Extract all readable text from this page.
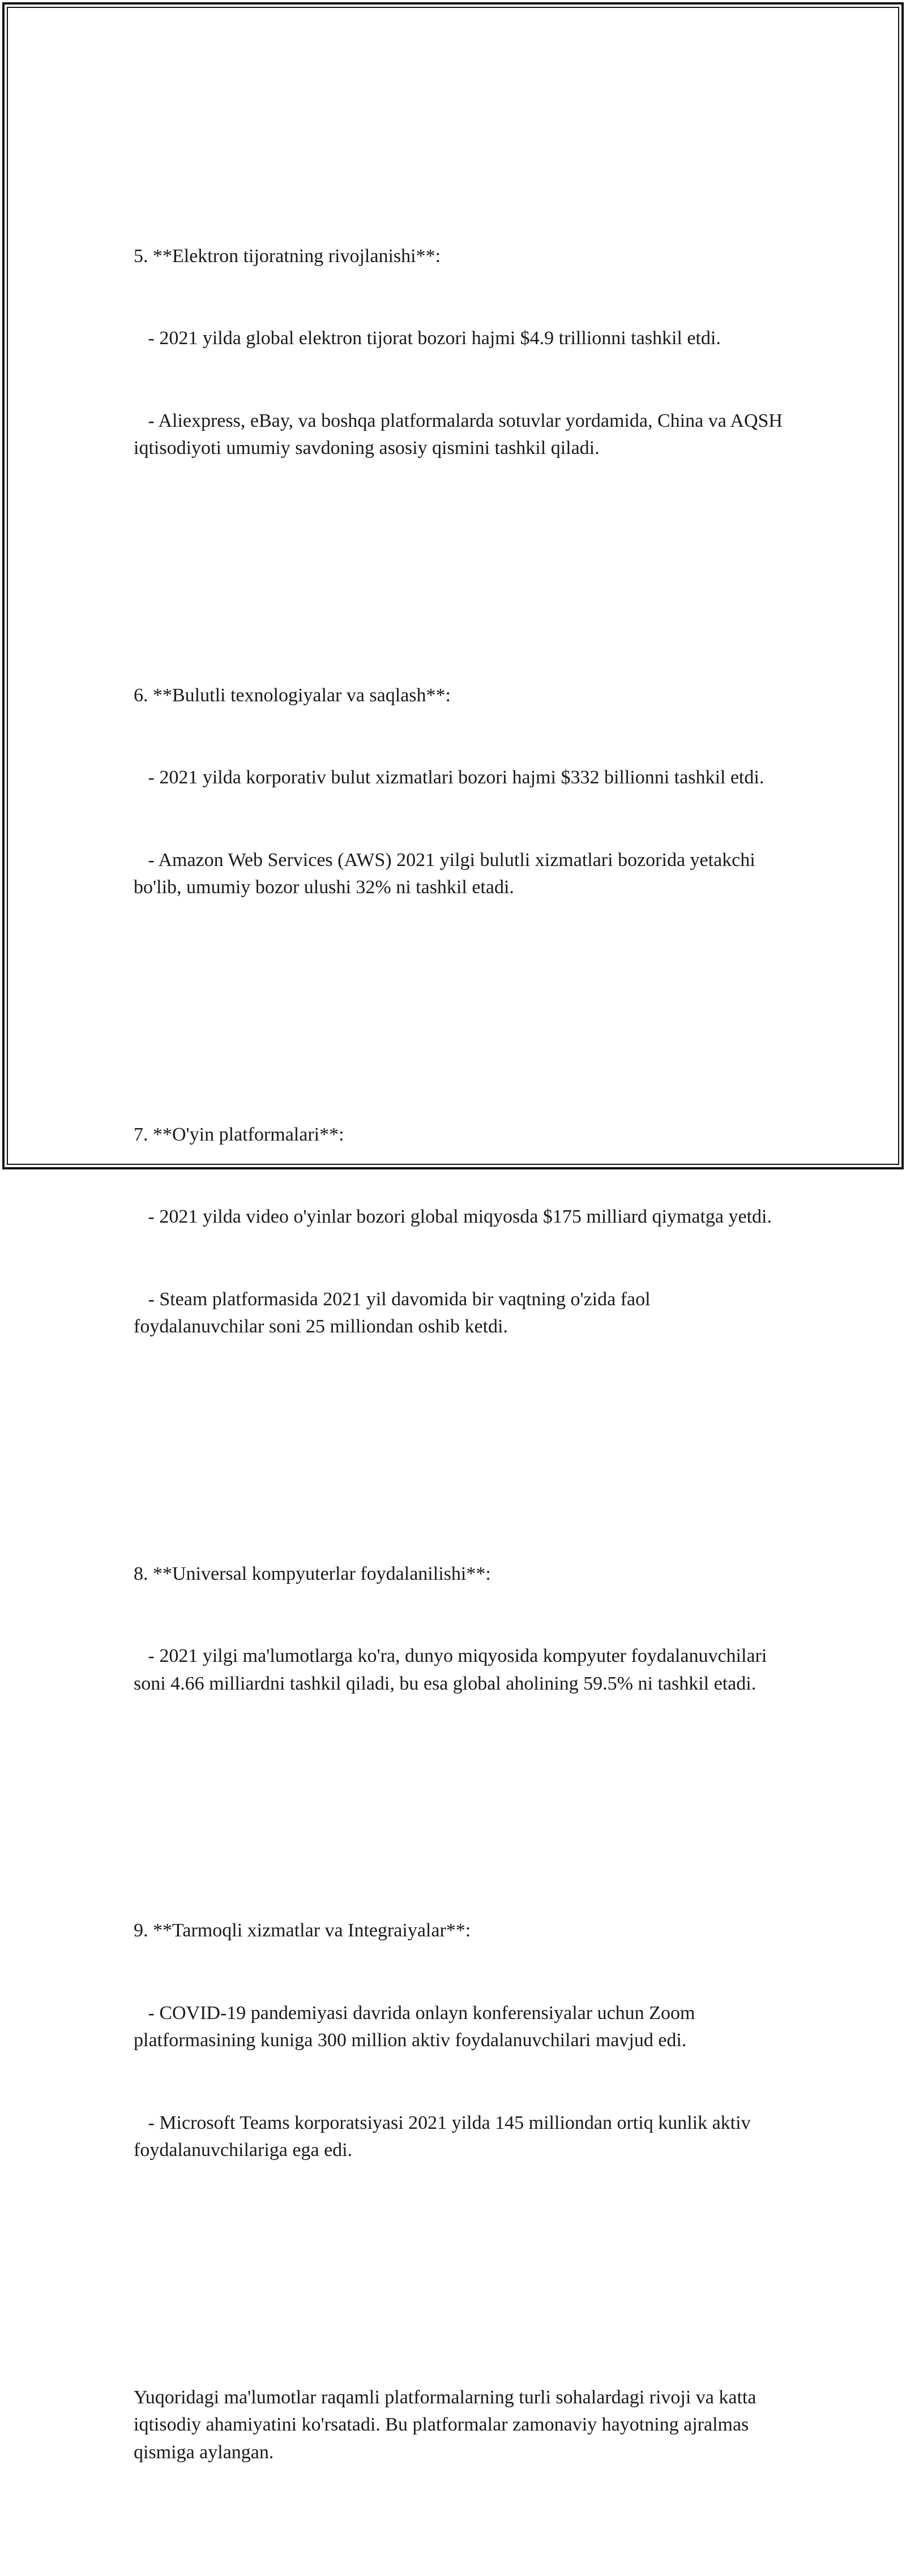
5. **Elektron tijoratning rivojlanishi**:

- 2021 yilda global elektron tijorat bozori hajmi $4.9 trillionni tashkil etdi.

- Aliexpress, eBay, va boshqa platformalarda sotuvlar yordamida, China va AQSH iqtisodiyoti umumiy savdoning asosiy qismini tashkil qiladi.

6. **Bulutli texnologiyalar va saqlash**:

- 2021 yilda korporativ bulut xizmatlari bozori hajmi $332 billionni tashkil etdi.

- Amazon Web Services (AWS) 2021 yilgi bulutli xizmatlari bozorida yetakchi bo'lib, umumiy bozor ulushi 32% ni tashkil etadi.

7. **O'yin platformalari**:

- 2021 yilda video o'yinlar bozori global miqyosda $175 milliard qiymatga yetdi.

- Steam platformasida 2021 yil davomida bir vaqtning o'zida faol foydalanuvchilar soni 25 milliondan oshib ketdi.

8. **Universal kompyuterlar foydalanilishi**:

- 2021 yilgi ma'lumotlarga ko'ra, dunyo miqyosida kompyuter foydalanuvchilari soni 4.66 milliardni tashkil qiladi, bu esa global aholining 59.5% ni tashkil etadi.

9. **Tarmoqli xizmatlar va Integraiyalar**:

- COVID-19 pandemiyasi davrida onlayn konferensiyalar uchun Zoom platformasining kuniga 300 million aktiv foydalanuvchilari mavjud edi.

- Microsoft Teams korporatsiyasi 2021 yilda 145 milliondan ortiq kunlik aktiv foydalanuvchilariga ega edi.

Yuqoridagi ma'lumotlar raqamli platformalarning turli sohalardagi rivoji va katta iqtisodiy ahamiyatini ko'rsatadi. Bu platformalar zamonaviy hayotning ajralmas qismiga aylangan.
